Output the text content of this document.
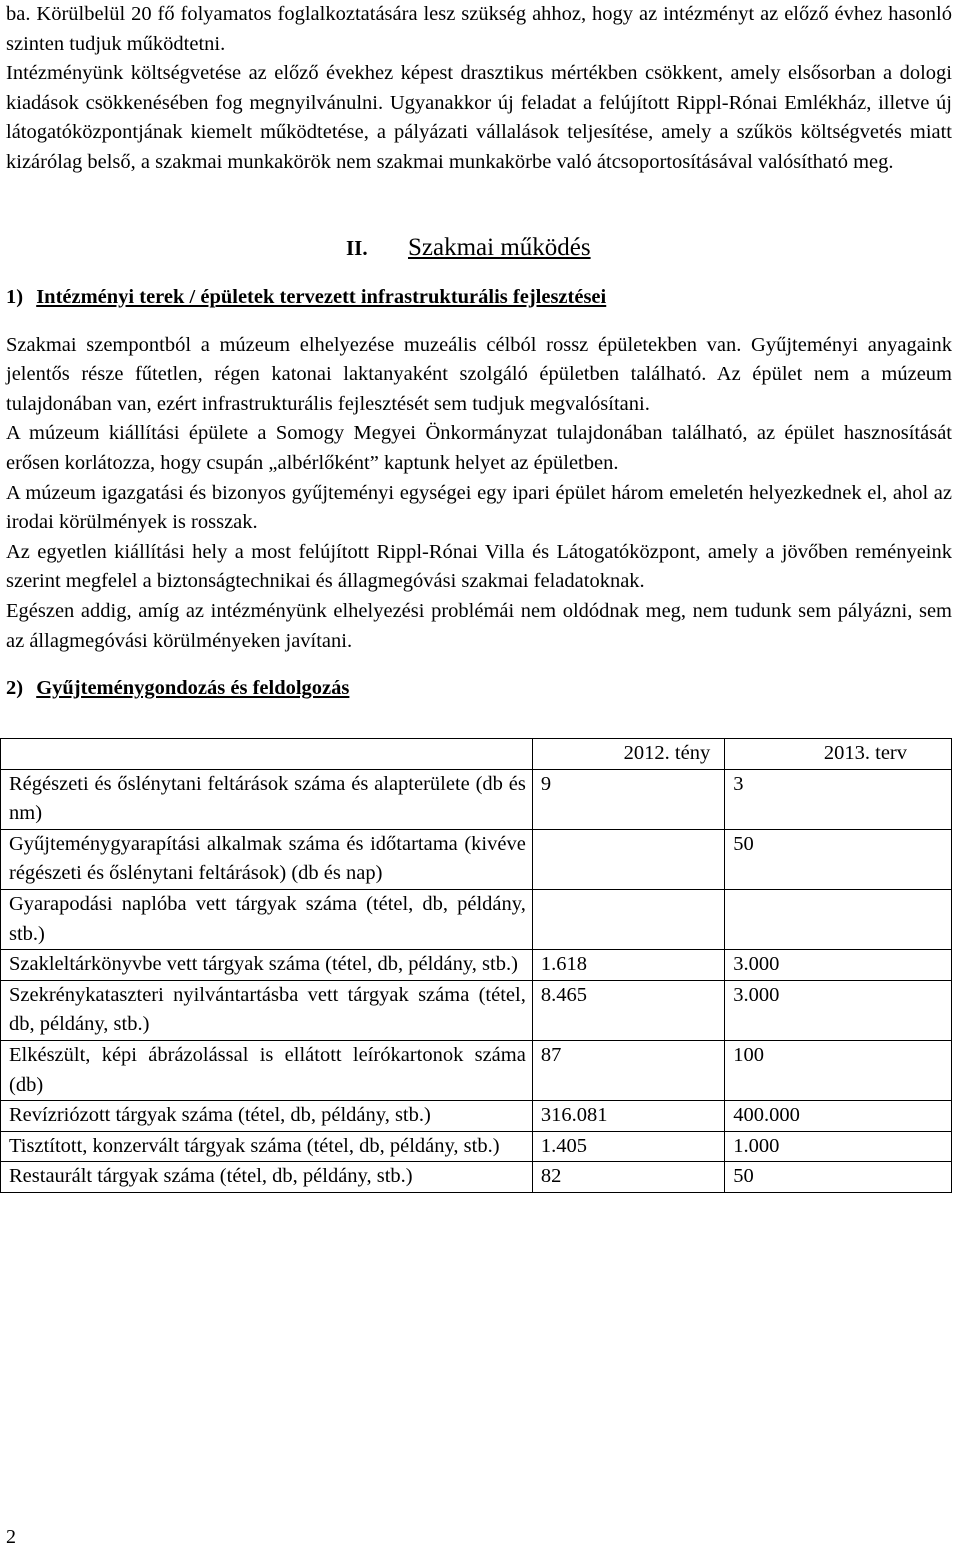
ba. Körülbelül 20 fő folyamatos foglalkoztatására lesz szükség ahhoz, hogy az intézményt az előző évhez hasonló szinten tudjuk működtetni.

Intézményünk költségvetése az előző évekhez képest drasztikus mértékben csökkent, amely elsősorban a dologi kiadások csökkenésében fog megnyilvánulni. Ugyanakkor új feladat a felújított Rippl-Rónai Emlékház, illetve új látogatóközpontjának kiemelt működtetése, a pályázati vállalások teljesítése, amely a szűkös költségvetés miatt kizárólag belső, a szakmai munkakörök nem szakmai munkakörbe való átcsoportosításával valósítható meg.

II. Szakmai működés
1) Intézményi terek / épületek tervezett infrastrukturális fejlesztései

Szakmai szempontból a múzeum elhelyezése muzeális célból rossz épületekben van. Gyűjteményi anyagaink jelentős része fűtetlen, régen katonai laktanyaként szolgáló épületben található. Az épület nem a múzeum tulajdonában van, ezért infrastrukturális fejlesztését sem tudjuk megvalósítani.

A múzeum kiállítási épülete a Somogy Megyei Önkormányzat tulajdonában található, az épület hasznosítását erősen korlátozza, hogy csupán „albérlőként” kaptunk helyet az épületben.

A múzeum igazgatási és bizonyos gyűjteményi egységei egy ipari épület három emeletén helyezkednek el, ahol az irodai körülmények is rosszak.

Az egyetlen kiállítási hely a most felújított Rippl-Rónai Villa és Látogatóközpont, amely a jövőben reményeink szerint megfelel a biztonságtechnikai és állagmegóvási szakmai feladatoknak.

Egészen addig, amíg az intézményünk elhelyezési problémái nem oldódnak meg, nem tudunk sem pályázni, sem az állagmegóvási körülményeken javítani.

2) Gyűjteménygondozás és feldolgozás
	2012. tény	2013. terv
Régészeti és őslénytani feltárások száma és alapterülete (db és nm)	9	3
Gyűjteménygyarapítási alkalmak száma és időtartama (kivéve régészeti és őslénytani feltárások) (db és nap)		50
Gyarapodási naplóba vett tárgyak száma (tétel, db, példány, stb.)		
Szakleltárkönyvbe vett tárgyak száma (tétel, db, példány, stb.)	1.618	3.000
Szekrénykataszteri nyilvántartásba vett tárgyak száma (tétel, db, példány, stb.)	8.465	3.000
Elkészült, képi ábrázolással is ellátott leírókartonok száma (db)	87	100
Revízriózott tárgyak száma (tétel, db, példány, stb.)	316.081	400.000
Tisztított, konzervált tárgyak száma (tétel, db, példány, stb.)	1.405	1.000
Restaurált tárgyak száma (tétel, db, példány, stb.)	82	50
2
